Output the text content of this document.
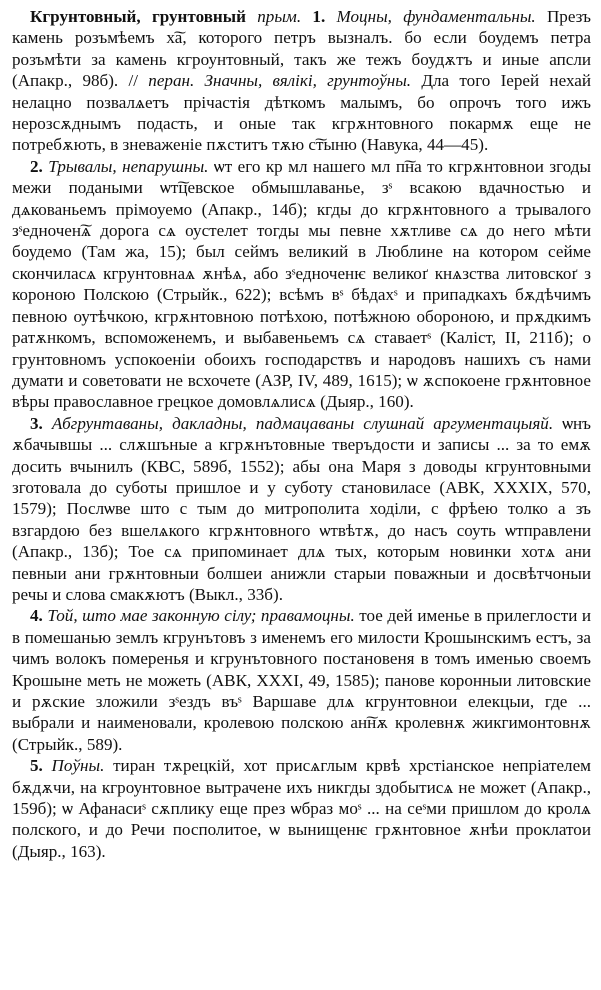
Кгрунтовный, грунтовный прым. 1. Моцны, фундаментальны. Презъ камень розъмѣемъ х͠а, которого петръ вызналъ. бо если боудемъ петра розъмѣти за камень кгроунтовный, такъ же тежъ боудѫтъ и иные апсли (Апакр., 98б). // перан. Значны, вялікі, грунтоўны. Дла того Іерей нехай нелацно позвалѧетъ прічастія дѣткомъ малымъ, бо опрочъ того ижъ нерозсѫднымъ подасть, и оные так кгрѫнтовного покармѫ еще не потребѫють, в зневаженіе пѫститъ тѫю с͠тыню (Навука, 44—45).

2. Трывалы, непарушны. ѡт его кр мл нашего мл п͠на то кгрѫнтовнои згоды межи подаными ѡт͠цевское обмышлаванье, зˢ всакою вдачностью и дѧкованьемъ прімоуемо (Апакр., 14б); кгды до кгрѫнтовного а трывалого зˢедночен͠ѧ дорога сѧ оустелет тогды мы певне хѫтливе сѧ до него мѣти боудемо (Там жа, 15); был сеймъ великий в Люблине на котором сейме скончиласѧ кгрунтовнаѧ ѫнѣѧ, або зˢедноченѥ великоґ кнѧзства литовскоґ з короною Полскою (Стрыйк., 622); всѣмъ вˢ бѣдахˢ и припадкахъ бѫдѣчимъ певною оутѣчкою, кгрѫнтовною потѣхою, потѣжною обороною, и прѫдкимъ ратѫнкомъ, вспоможенемъ, и выбавеньемъ сѧ ставаетˢ (Каліст, II, 211б); о грунтовномъ успокоеніи обоихъ господарствъ и народовъ нашихъ съ нами думати и советовати не всхочете (АЗР, IV, 489, 1615); ѡ ѫспокоене грѫнтовное вѣры православное грецкое домовлѧлисѧ (Дыяр., 160).

3. Абгрунтаваны, дакладны, падмацаваны слушнай аргументацыяй. ѡнъ ѫбачывшы ... слѫшъные а кгрѫнътовные тверъдости и записы ... за то емѫ досить вчынилъ (КВС, 589б, 1552); абы она Маря з доводы кгрунтовными зготовала до суботы пришлое и у суботу становиласе (АВК, XXXIX, 570, 1579); Послѡве што с тым до митрополита ходіли, с фрѣею толко а зъ взгардою без вшелѧкого кгрѫнтовного ѡтвѣтѫ, до насъ соуть ѡтправлени (Апакр., 13б); Тое сѧ припоминает длѧ тых, которым новинки хотѧ ани певныи ани грѫнтовныи болшеи анижли старыи поважныи и досвѣтчоныи речы и слова смакѫютъ (Выкл., 33б).

4. Той, што мае законную сілу; правамоцны. тое дей именье в прилеглости и в помешанью землъ кгрунътовъ з именемъ его милости Крошынскимъ естъ, за чимъ волокъ померенья и кгрунътовного постановеня в томъ именью своемъ Крошыне меть не можеть (АВК, XXXI, 49, 1585); панове коронныи литовские и рѫские зложили зˢездъ въˢ Варшаве длѧ кгрунтовнои елекцыи, где ... выбрали и наименовали, кролевою полскою ан͠нѫ кролевнѫ жикгимонтовнѫ (Стрыйк., 589).

5. Поўны. тиран тѫрецкій, хот присѧглым крвѣ хрстіанское непріателем бѫдѫчи, на кгроунтовное вытрачене ихъ никгды здобытисѧ не может (Апакр., 159б); ѡ Афанасиˢ сѫплику еще през ѡбраз моˢ ... на сеˢми пришлом до кролѧ полского, и до Речи посполитое, ѡ вынищенѥ грѫнтовное ѫнѣи проклатои (Дыяр., 163).
